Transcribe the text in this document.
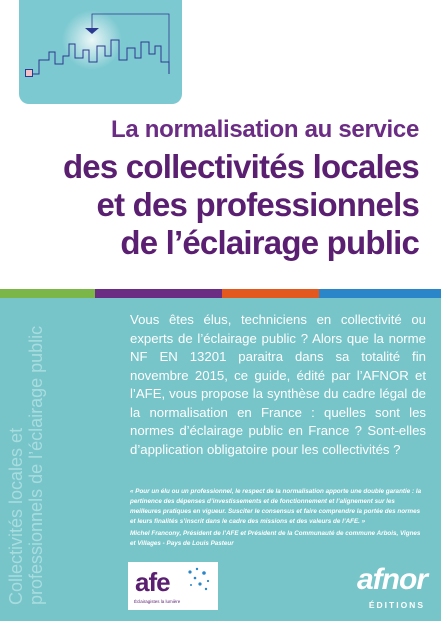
La normalisation au service
des collectivités locales
et des professionnels
de l’éclairage public
Collectivités locales et professionnels de l’éclairage public
Vous êtes élus, techniciens en collectivité ou experts de l’éclairage public ? Alors que la norme NF EN 13201 paraitra dans sa totalité fin novembre 2015, ce guide, édité par l’AFNOR et l’AFE, vous propose la synthèse du cadre légal de la normalisation en France : quelles sont les normes d’éclairage public en France ? Sont-elles d’application obligatoire pour les collectivités ?
« Pour un élu ou un professionnel, le respect de la normalisation apporte une double garantie : la pertinence des dépenses d’investissements et de fonctionnement et l’alignement sur les meilleures pratiques en vigueur. Susciter le consensus et faire comprendre la portée des normes et leurs finalités s’inscrit dans le cadre des missions et des valeurs de l’AFE. »
Michel Francony, Président de l’AFE et Président de la Communauté de commune Arbois, Vignes et Villages - Pays de Louis Pasteur
afe
Éclairagistes la lumière
afnor
ÉDITIONS
